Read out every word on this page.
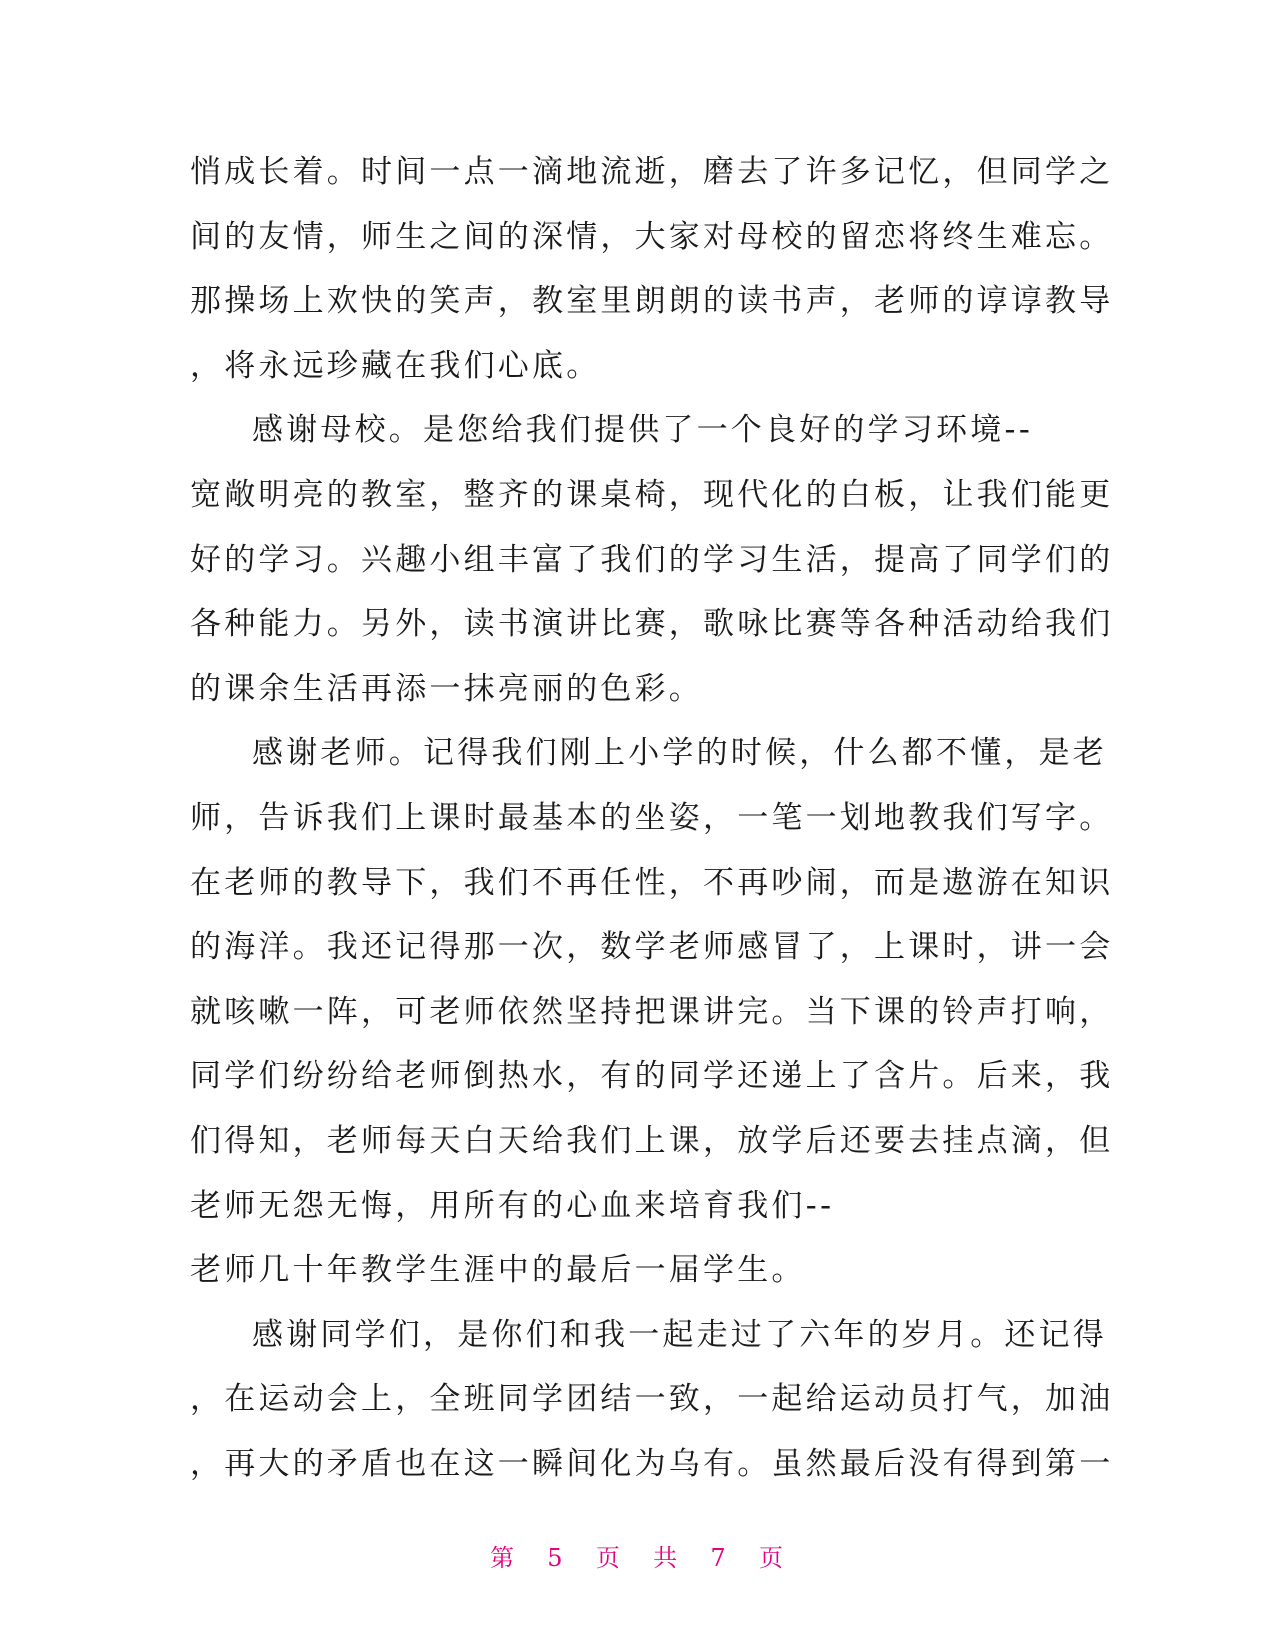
悄成长着。时间一点一滴地流逝，磨去了许多记忆，但同学之
间的友情，师生之间的深情，大家对母校的留恋将终生难忘。
那操场上欢快的笑声，教室里朗朗的读书声，老师的谆谆教导
，将永远珍藏在我们心底。
感谢母校。是您给我们提供了一个良好的学习环境--
宽敞明亮的教室，整齐的课桌椅，现代化的白板，让我们能更
好的学习。兴趣小组丰富了我们的学习生活，提高了同学们的
各种能力。另外，读书演讲比赛，歌咏比赛等各种活动给我们
的课余生活再添一抹亮丽的色彩。
感谢老师。记得我们刚上小学的时候，什么都不懂，是老
师，告诉我们上课时最基本的坐姿，一笔一划地教我们写字。
在老师的教导下，我们不再任性，不再吵闹，而是遨游在知识
的海洋。我还记得那一次，数学老师感冒了，上课时，讲一会
就咳嗽一阵，可老师依然坚持把课讲完。当下课的铃声打响，
同学们纷纷给老师倒热水，有的同学还递上了含片。后来，我
们得知，老师每天白天给我们上课，放学后还要去挂点滴，但
老师无怨无悔，用所有的心血来培育我们--
老师几十年教学生涯中的最后一届学生。
感谢同学们，是你们和我一起走过了六年的岁月。还记得
，在运动会上，全班同学团结一致，一起给运动员打气，加油
，再大的矛盾也在这一瞬间化为乌有。虽然最后没有得到第一
第 5 页 共 7 页
